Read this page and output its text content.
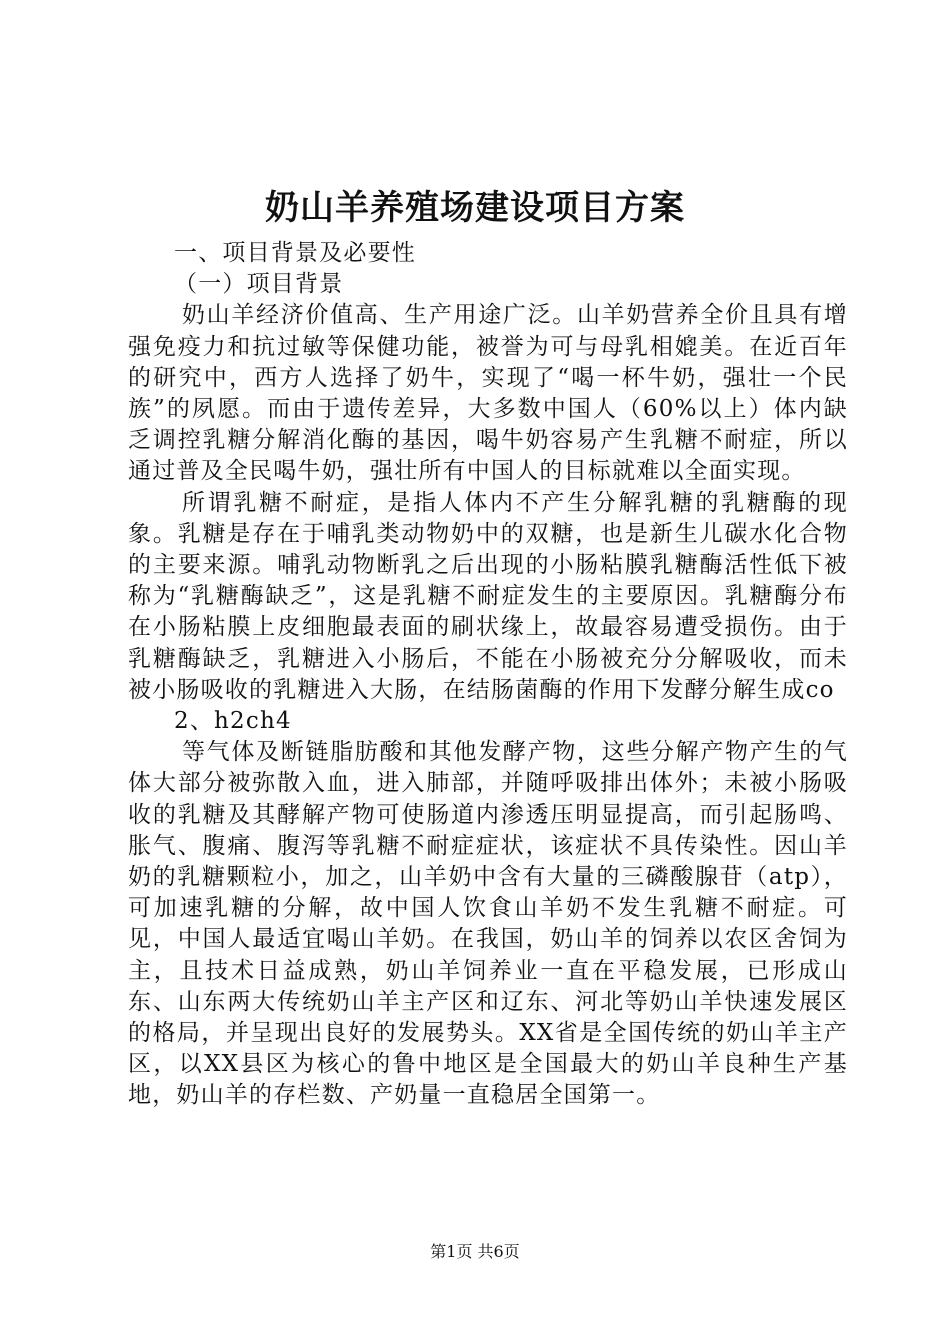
奶山羊养殖场建设项目方案

一、项目背景及必要性

（一）项目背景

奶山羊经济价值高、生产用途广泛。山羊奶营养全价且具有增强免疫力和抗过敏等保健功能，被誉为可与母乳相媲美。在近百年的研究中，西方人选择了奶牛，实现了“喝一杯牛奶，强壮一个民族”的夙愿。而由于遗传差异，大多数中国人（60%以上）体内缺乏调控乳糖分解消化酶的基因，喝牛奶容易产生乳糖不耐症，所以通过普及全民喝牛奶，强壮所有中国人的目标就难以全面实现。

所谓乳糖不耐症，是指人体内不产生分解乳糖的乳糖酶的现象。乳糖是存在于哺乳类动物奶中的双糖，也是新生儿碳水化合物的主要来源。哺乳动物断乳之后出现的小肠粘膜乳糖酶活性低下被称为“乳糖酶缺乏”，这是乳糖不耐症发生的主要原因。乳糖酶分布在小肠粘膜上皮细胞最表面的刷状缘上，故最容易遭受损伤。由于乳糖酶缺乏，乳糖进入小肠后，不能在小肠被充分分解吸收，而未被小肠吸收的乳糖进入大肠，在结肠菌酶的作用下发酵分解生成co

2、h2ch4

等气体及断链脂肪酸和其他发酵产物，这些分解产物产生的气体大部分被弥散入血，进入肺部，并随呼吸排出体外；未被小肠吸收的乳糖及其酵解产物可使肠道内渗透压明显提高，而引起肠鸣、胀气、腹痛、腹泻等乳糖不耐症症状，该症状不具传染性。因山羊奶的乳糖颗粒小，加之，山羊奶中含有大量的三磷酸腺苷（atp），可加速乳糖的分解，故中国人饮食山羊奶不发生乳糖不耐症。可见，中国人最适宜喝山羊奶。在我国，奶山羊的饲养以农区舍饲为主，且技术日益成熟，奶山羊饲养业一直在平稳发展，已形成山东、山东两大传统奶山羊主产区和辽东、河北等奶山羊快速发展区的格局，并呈现出良好的发展势头。XX省是全国传统的奶山羊主产区，以XX县区为核心的鲁中地区是全国最大的奶山羊良种生产基地，奶山羊的存栏数、产奶量一直稳居全国第一。

第1页 共6页
